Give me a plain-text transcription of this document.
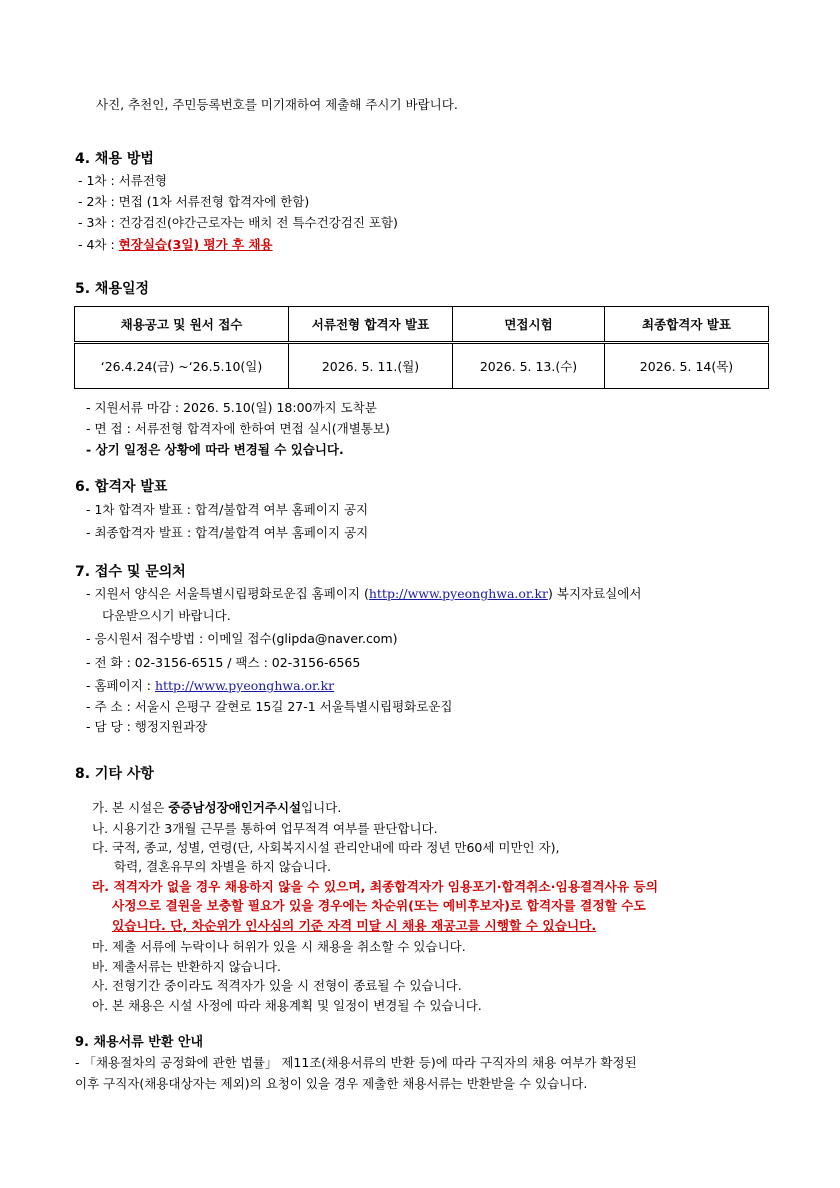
사진, 추천인, 주민등록번호를 미기재하여 제출해 주시기 바랍니다.
4. 채용 방법
- 1차 : 서류전형
- 2차 : 면접 (1차 서류전형 합격자에 한함)
- 3차 : 건강검진(야간근로자는 배치 전 특수건강검진 포함)
- 4차 : 현장실습(3일) 평가 후 채용
5. 채용일정
채용공고 및 원서 접수	서류전형 합격자 발표	면접시험	최종합격자 발표
‘26.4.24(금) ~‘26.5.10(일)	2026. 5. 11.(월)	2026. 5. 13.(수)	2026. 5. 14(목)
- 지원서류 마감 : 2026. 5.10(일) 18:00까지 도착분
- 면 접 : 서류전형 합격자에 한하여 면접 실시(개별통보)
- 상기 일정은 상황에 따라 변경될 수 있습니다.
6. 합격자 발표
- 1차 합격자 발표 : 합격/불합격 여부 홈페이지 공지
- 최종합격자 발표 : 합격/불합격 여부 홈페이지 공지
7. 접수 및 문의처
- 지원서 양식은 서울특별시립평화로운집 홈페이지 (http://www.pyeonghwa.or.kr) 복지자료실에서
다운받으시기 바랍니다.
- 응시원서 접수방법 : 이메일 접수(glipda@naver.com)
- 전 화 : 02-3156-6515 / 팩스 : 02-3156-6565
- 홈페이지 : http://www.pyeonghwa.or.kr
- 주 소 : 서울시 은평구 갈현로 15길 27-1 서울특별시립평화로운집
- 담 당 : 행정지원과장
8. 기타 사항
가. 본 시설은 중증남성장애인거주시설입니다.
나. 시용기간 3개월 근무를 통하여 업무적격 여부를 판단합니다.
다. 국적, 종교, 성별, 연령(단, 사회복지시설 관리안내에 따라 정년 만60세 미만인 자),
학력, 결혼유무의 차별을 하지 않습니다.
라. 적격자가 없을 경우 채용하지 않을 수 있으며, 최종합격자가 임용포기·합격취소·임용결격사유 등의
사정으로 결원을 보충할 필요가 있을 경우에는 차순위(또는 예비후보자)로 합격자를 결정할 수도
있습니다. 단, 차순위가 인사심의 기준 자격 미달 시 채용 재공고를 시행할 수 있습니다.
마. 제출 서류에 누락이나 허위가 있을 시 채용을 취소할 수 있습니다.
바. 제출서류는 반환하지 않습니다.
사. 전형기간 중이라도 적격자가 있을 시 전형이 종료될 수 있습니다.
아. 본 채용은 시설 사정에 따라 채용계획 및 일정이 변경될 수 있습니다.
9. 채용서류 반환 안내
- 「채용절차의 공정화에 관한 법률」 제11조(채용서류의 반환 등)에 따라 구직자의 채용 여부가 확정된
이후 구직자(채용대상자는 제외)의 요청이 있을 경우 제출한 채용서류는 반환받을 수 있습니다.
